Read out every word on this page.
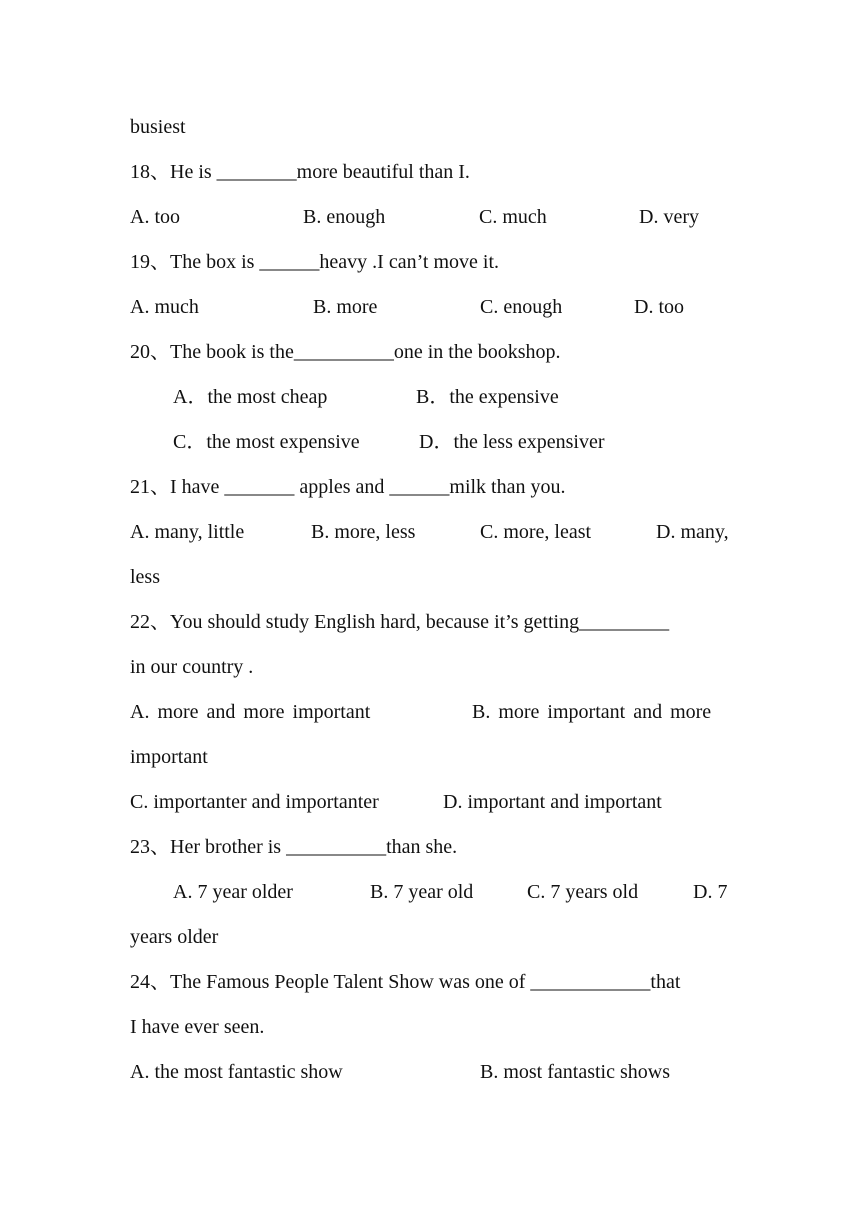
busiest
18、He is ________more beautiful than I.
A. too	B. enough	C. much	D. very
19、The box is ______heavy .I can’t move it.
A. much	B. more	C. enough	D. too
20、The book is the__________one in the bookshop.
A．the most cheap	B．the expensive
C．the most expensive	D．the less expensiver
21、I have _______ apples and ______milk than you.
A. many, little	B. more, less	C. more, least	D. many,
less
22、You should study English hard, because it’s getting_________
in our country .
A. more and more important	B. more important and more
important
C. importanter and importanter	D. important and important
23、Her brother is __________than she.
A. 7 year older	B. 7 year old	C. 7 years old	D. 7
years older
24、The Famous People Talent Show was one of ____________that
I have ever seen.
A. the most fantastic show	B. most fantastic shows
